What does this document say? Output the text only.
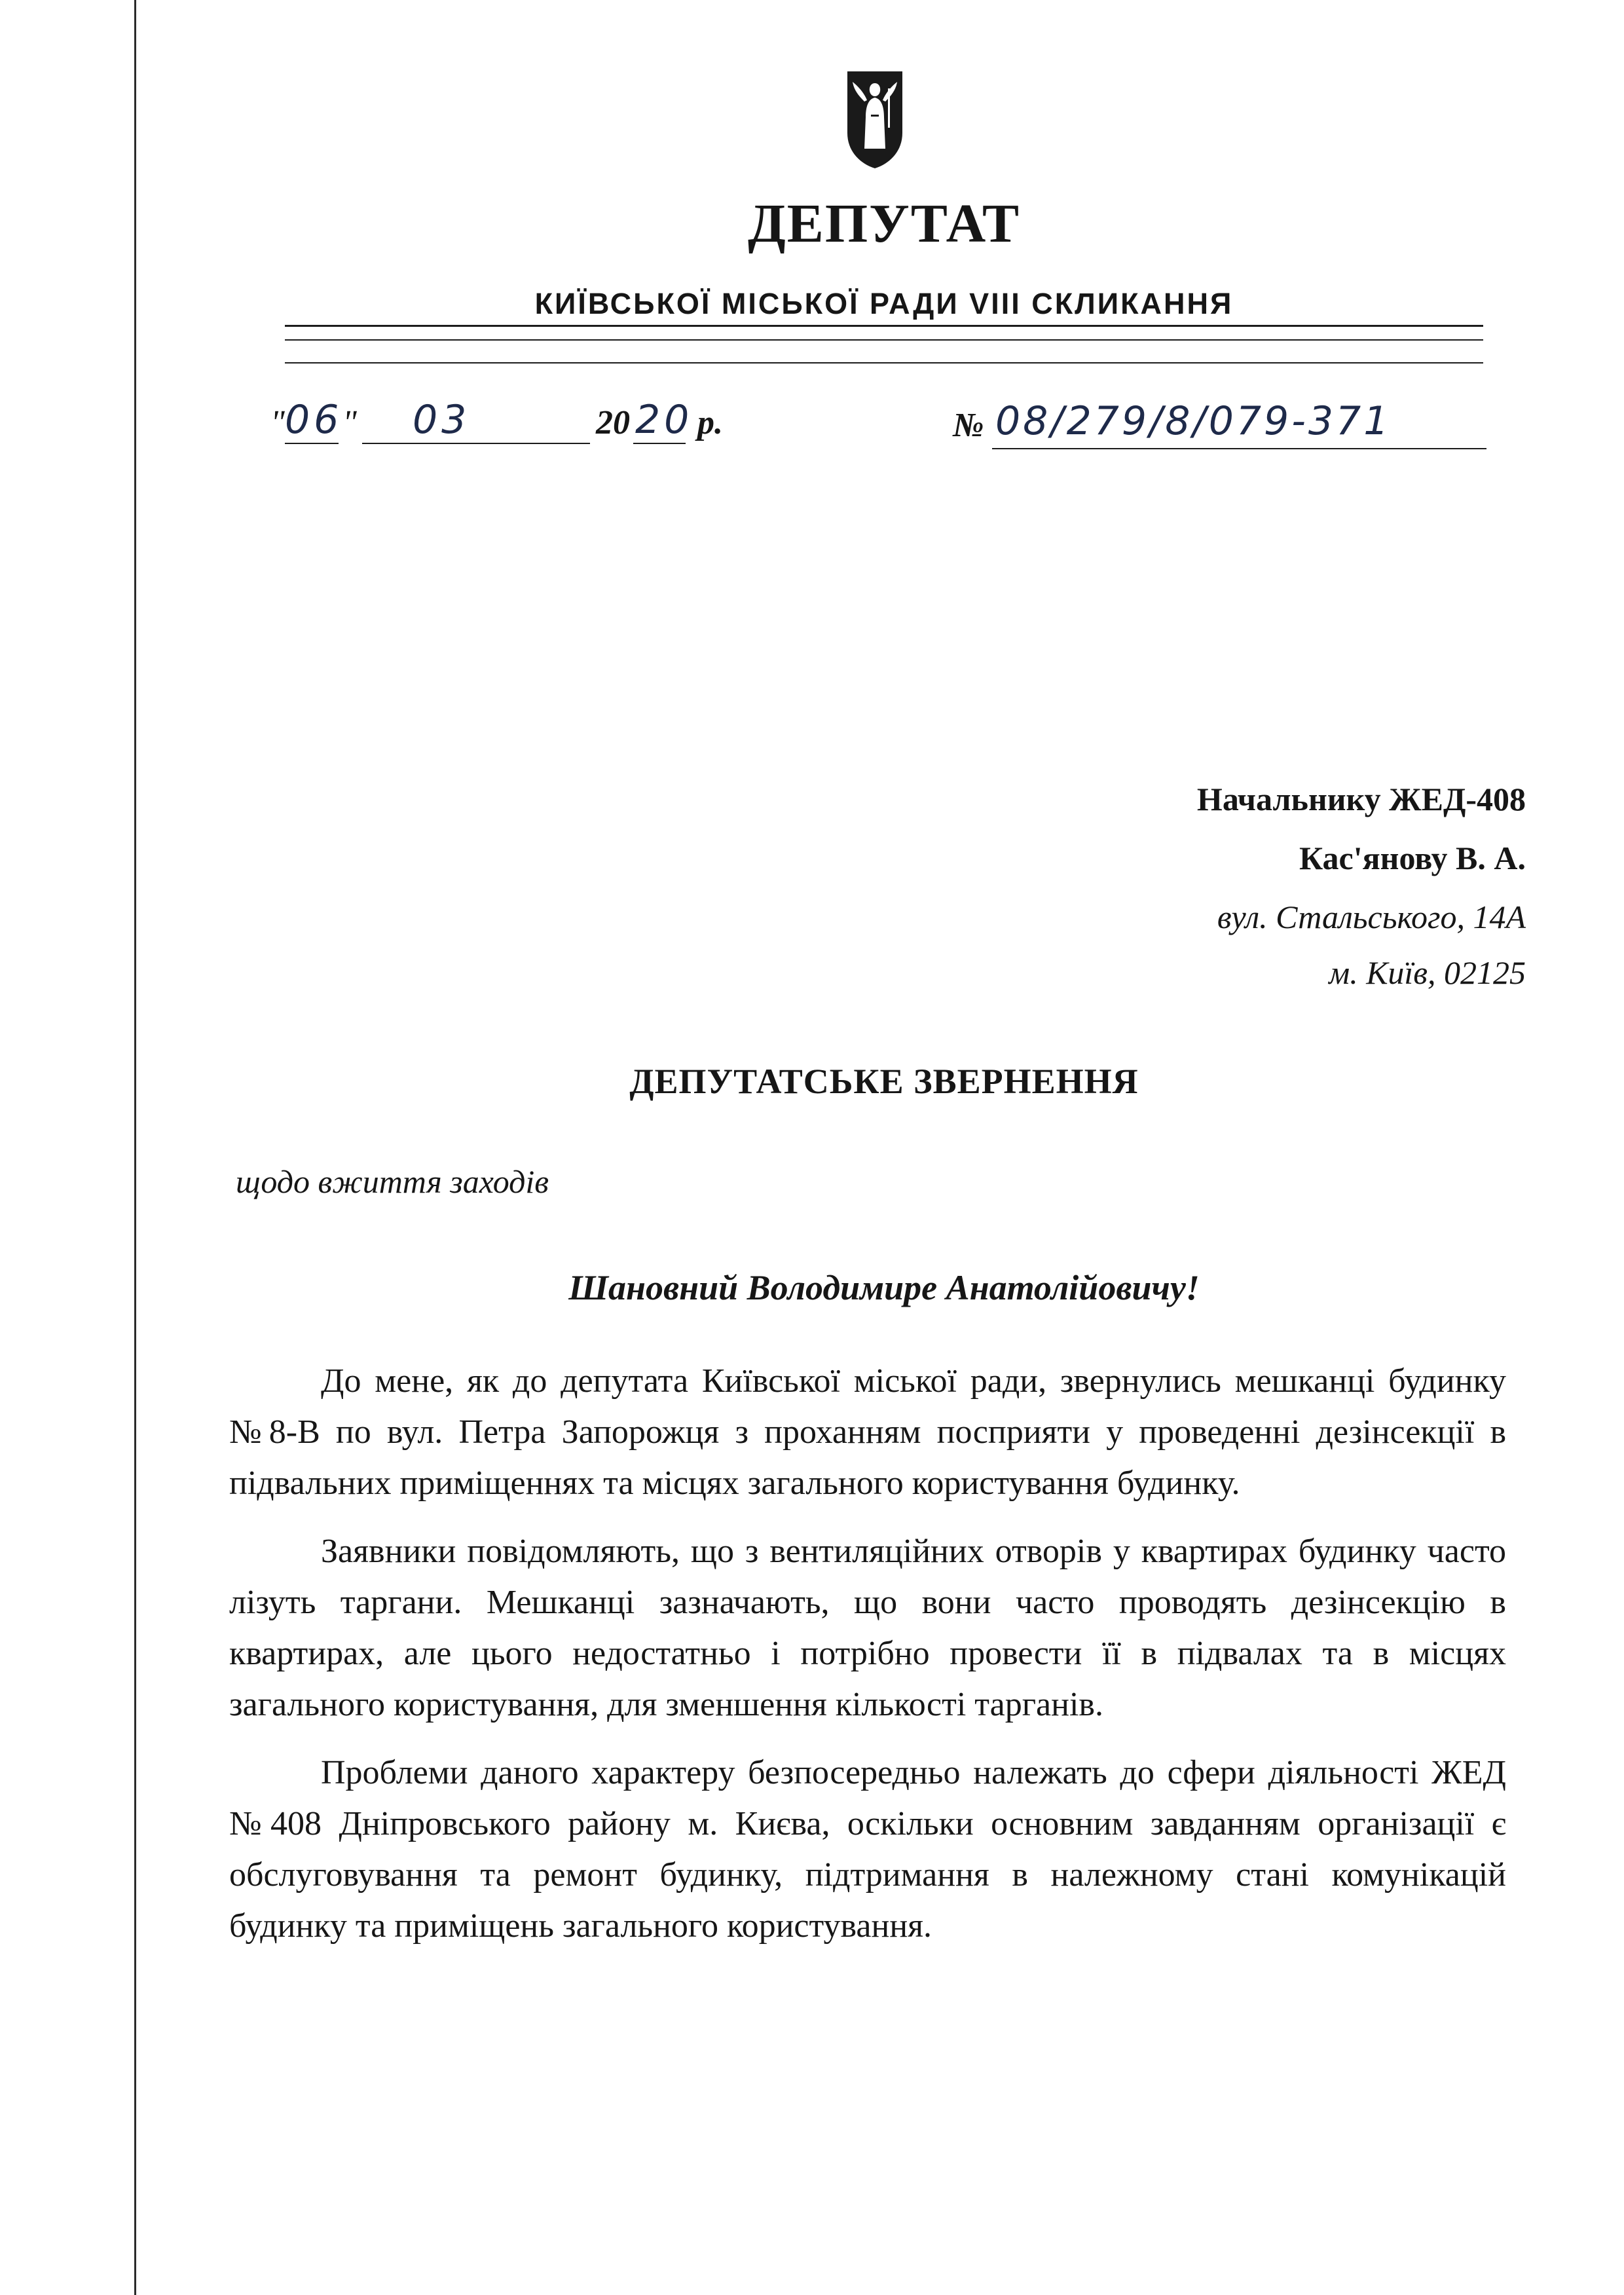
ДЕПУТАТ
КИЇВСЬКОЇ МІСЬКОЇ РАДИ VIII СКЛИКАННЯ
" 06 " 03	20 20 р.	№ 08/279/8/079-371
Начальнику ЖЕД-408
Кас'янову В. А.
вул. Стальського, 14А
м. Київ, 02125
ДЕПУТАТСЬКЕ ЗВЕРНЕННЯ
щодо вжиття заходів
Шановний Володимире Анатолійовичу!

До мене, як до депутата Київської міської ради, звернулись мешканці будинку №8-В по вул. Петра Запорожця з проханням посприяти у проведенні дезінсекції в підвальних приміщеннях та місцях загального користування будинку.

Заявники повідомляють, що з вентиляційних отворів у квартирах будинку часто лізуть таргани. Мешканці зазначають, що вони часто проводять дезінсекцію в квартирах, але цього недостатньо і потрібно провести її в підвалах та в місцях загального користування, для зменшення кількості тарганів.

Проблеми даного характеру безпосередньо належать до сфери діяльності ЖЕД №408 Дніпровського району м. Києва, оскільки основним завданням організації є обслуговування та ремонт будинку, підтримання в належному стані комунікацій будинку та приміщень загального користування.
